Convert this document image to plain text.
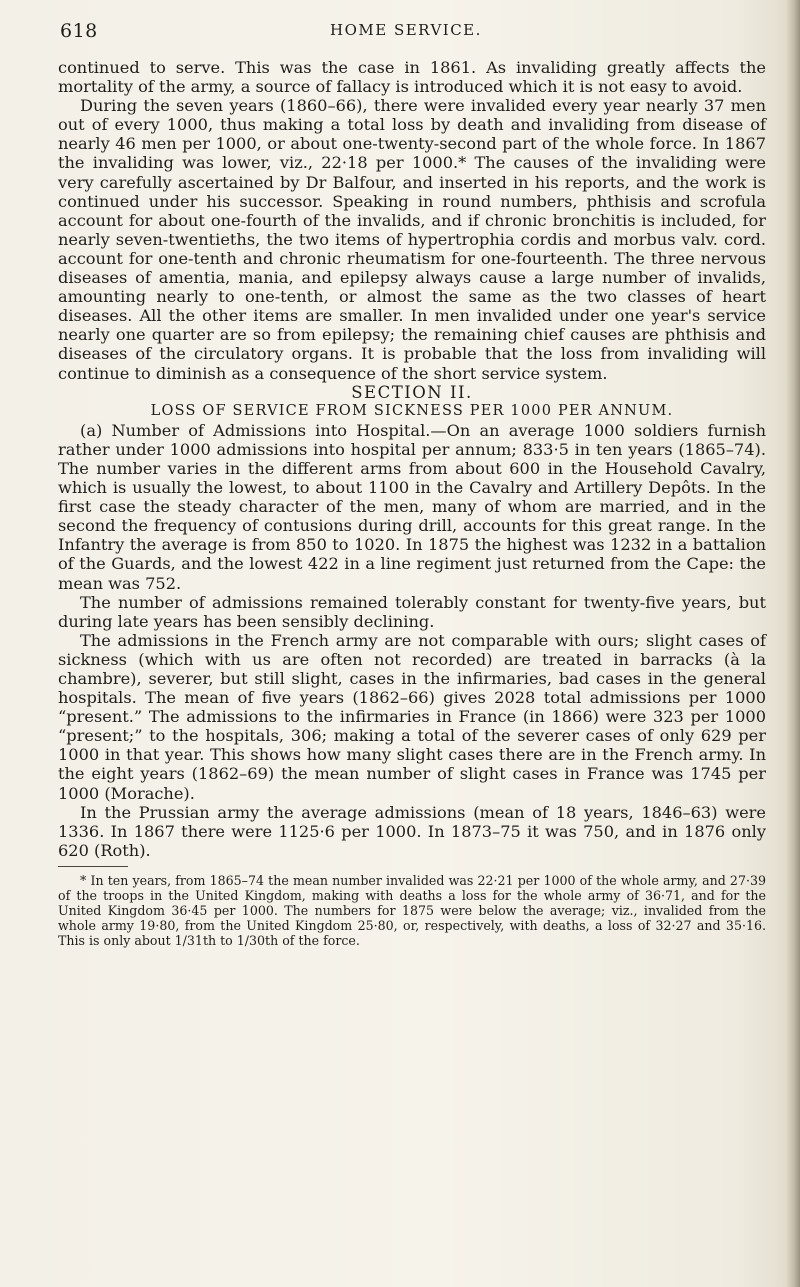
618	HOME SERVICE.

continued to serve. This was the case in 1861. As invaliding greatly affects the mortality of the army, a source of fallacy is introduced which it is not easy to avoid.

During the seven years (1860–66), there were invalided every year nearly 37 men out of every 1000, thus making a total loss by death and invaliding from disease of nearly 46 men per 1000, or about one-twenty-second part of the whole force. In 1867 the invaliding was lower, viz., 22·18 per 1000.* The causes of the invaliding were very carefully ascertained by Dr Balfour, and inserted in his reports, and the work is continued under his successor. Speaking in round numbers, phthisis and scrofula account for about one-fourth of the invalids, and if chronic bronchitis is included, for nearly seven-twentieths, the two items of hypertrophia cordis and morbus valv. cord. account for one-tenth and chronic rheumatism for one-fourteenth. The three nervous diseases of amentia, mania, and epilepsy always cause a large number of invalids, amounting nearly to one-tenth, or almost the same as the two classes of heart diseases. All the other items are smaller. In men invalided under one year's service nearly one quarter are so from epilepsy; the remaining chief causes are phthisis and diseases of the circulatory organs. It is probable that the loss from invaliding will continue to diminish as a consequence of the short service system.

SECTION II.

LOSS OF SERVICE FROM SICKNESS PER 1000 PER ANNUM.

(a) Number of Admissions into Hospital.—On an average 1000 soldiers furnish rather under 1000 admissions into hospital per annum; 833·5 in ten years (1865–74). The number varies in the different arms from about 600 in the Household Cavalry, which is usually the lowest, to about 1100 in the Cavalry and Artillery Depôts. In the first case the steady character of the men, many of whom are married, and in the second the frequency of contusions during drill, accounts for this great range. In the Infantry the average is from 850 to 1020. In 1875 the highest was 1232 in a battalion of the Guards, and the lowest 422 in a line regiment just returned from the Cape: the mean was 752.

The number of admissions remained tolerably constant for twenty-five years, but during late years has been sensibly declining.

The admissions in the French army are not comparable with ours; slight cases of sickness (which with us are often not recorded) are treated in barracks (à la chambre), severer, but still slight, cases in the infirmaries, bad cases in the general hospitals. The mean of five years (1862–66) gives 2028 total admissions per 1000 “present.” The admissions to the infirmaries in France (in 1866) were 323 per 1000 “present;” to the hospitals, 306; making a total of the severer cases of only 629 per 1000 in that year. This shows how many slight cases there are in the French army. In the eight years (1862–69) the mean number of slight cases in France was 1745 per 1000 (Morache).

In the Prussian army the average admissions (mean of 18 years, 1846–63) were 1336. In 1867 there were 1125·6 per 1000. In 1873–75 it was 750, and in 1876 only 620 (Roth).

* In ten years, from 1865–74 the mean number invalided was 22·21 per 1000 of the whole army, and 27·39 of the troops in the United Kingdom, making with deaths a loss for the whole army of 36·71, and for the United Kingdom 36·45 per 1000. The numbers for 1875 were below the average; viz., invalided from the whole army 19·80, from the United Kingdom 25·80, or, respectively, with deaths, a loss of 32·27 and 35·16. This is only about 1/31th to 1/30th of the force.
